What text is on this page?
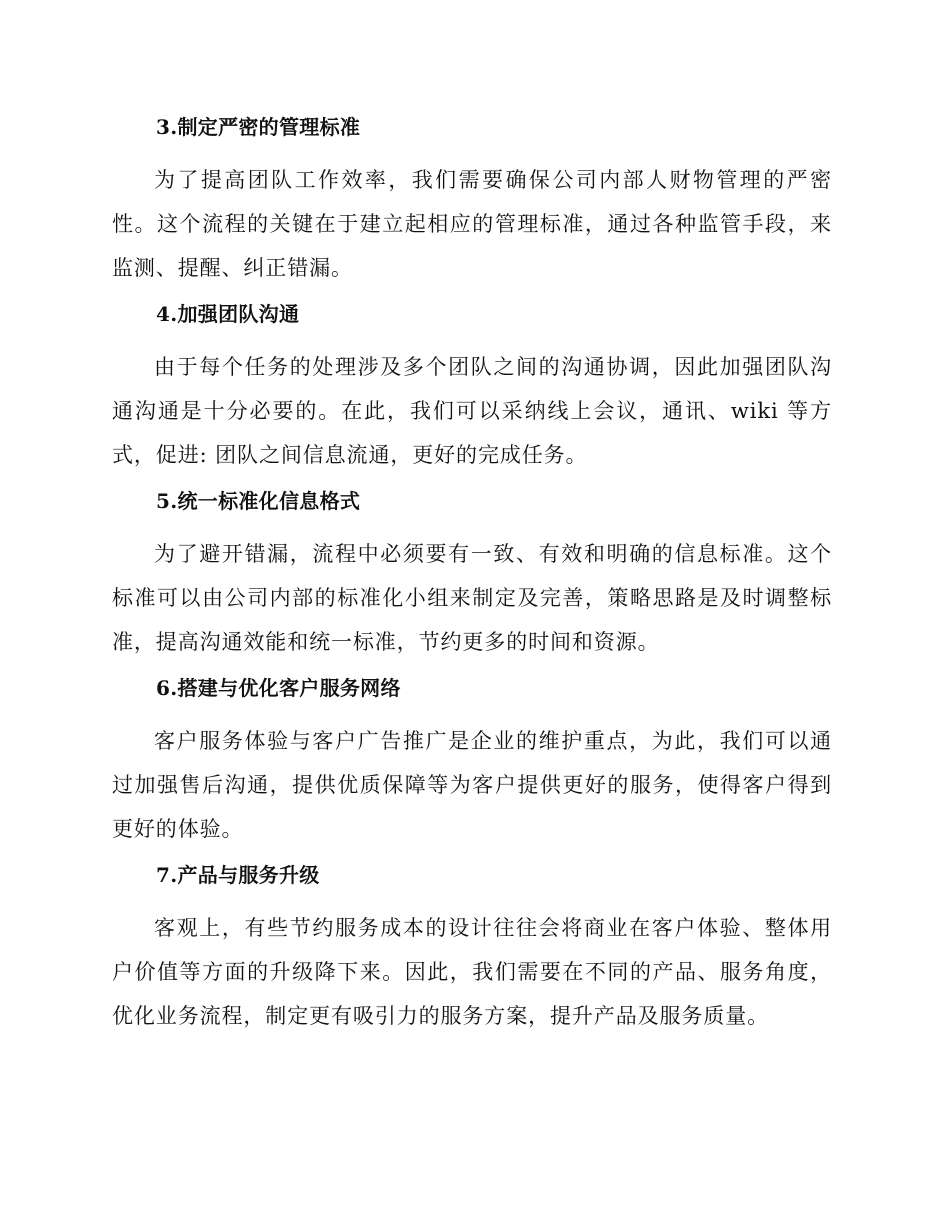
3.制定严密的管理标准
为了提高团队工作效率，我们需要确保公司内部人财物管理的严密性。这个流程的关键在于建立起相应的管理标准，通过各种监管手段，来监测、提醒、纠正错漏。
4.加强团队沟通
由于每个任务的处理涉及多个团队之间的沟通协调，因此加强团队沟通沟通是十分必要的。在此，我们可以采纳线上会议，通讯、wiki 等方式，促进: 团队之间信息流通，更好的完成任务。
5.统一标准化信息格式
为了避开错漏，流程中必须要有一致、有效和明确的信息标准。这个标准可以由公司内部的标准化小组来制定及完善，策略思路是及时调整标准，提高沟通效能和统一标准，节约更多的时间和资源。
6.搭建与优化客户服务网络
客户服务体验与客户广告推广是企业的维护重点，为此，我们可以通过加强售后沟通，提供优质保障等为客户提供更好的服务，使得客户得到更好的体验。
7.产品与服务升级
客观上，有些节约服务成本的设计往往会将商业在客户体验、整体用户价值等方面的升级降下来。因此，我们需要在不同的产品、服务角度，优化业务流程，制定更有吸引力的服务方案，提升产品及服务质量。
